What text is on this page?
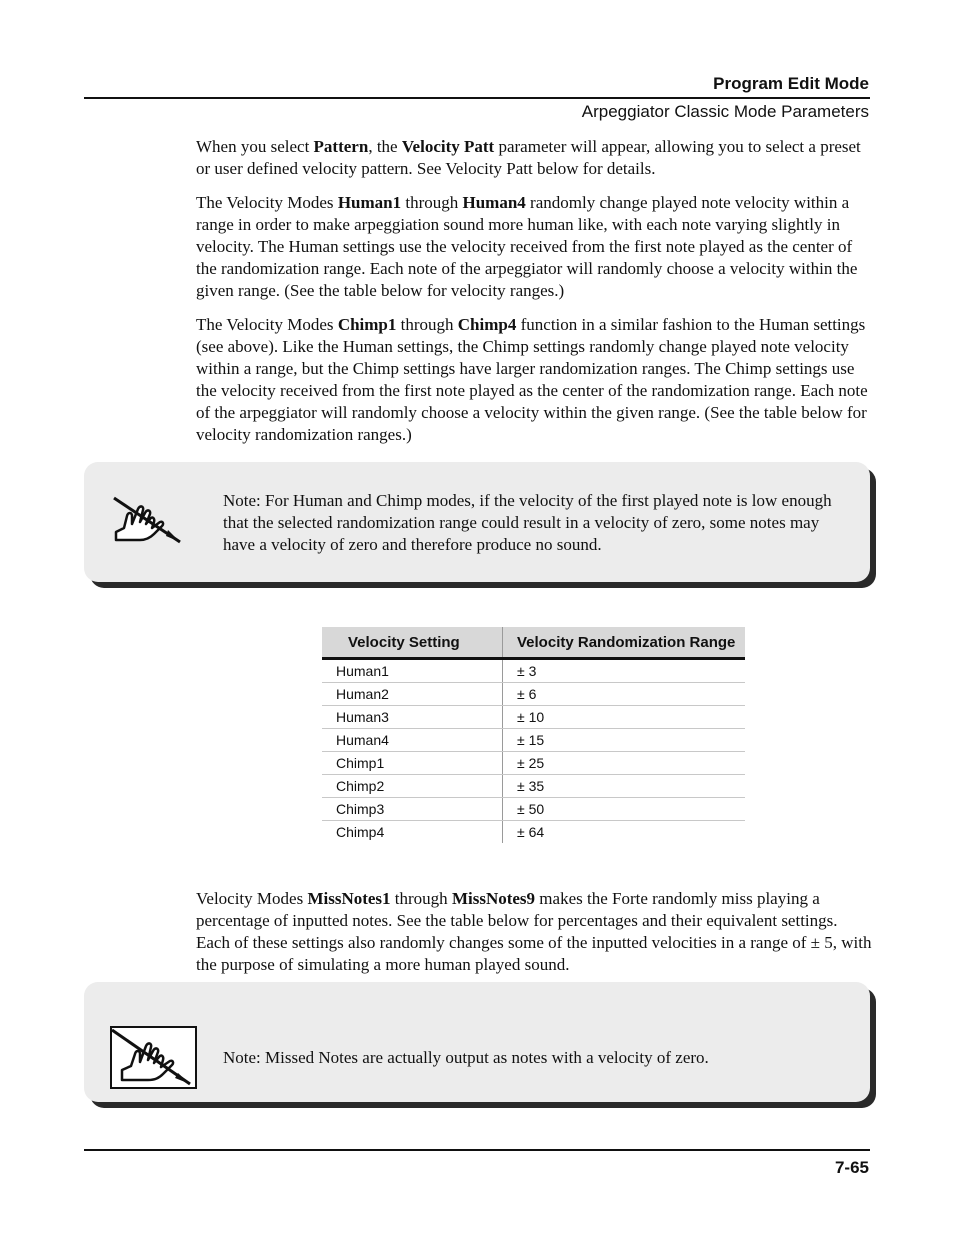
Program Edit Mode
Arpeggiator Classic Mode Parameters

When you select Pattern, the Velocity Patt parameter will appear, allowing you to select a preset or user defined velocity pattern. See Velocity Patt below for details.

The Velocity Modes Human1 through Human4 randomly change played note velocity within a range in order to make arpeggiation sound more human like, with each note varying slightly in velocity. The Human settings use the velocity received from the first note played as the center of the randomization range. Each note of the arpeggiator will randomly choose a velocity within the given range. (See the table below for velocity ranges.)

The Velocity Modes Chimp1 through Chimp4 function in a similar fashion to the Human settings (see above). Like the Human settings, the Chimp settings randomly change played note velocity within a range, but the Chimp settings have larger randomization ranges. The Chimp settings use the velocity received from the first note played as the center of the randomization range. Each note of the arpeggiator will randomly choose a velocity within the given range. (See the table below for velocity randomization ranges.)

Note: For Human and Chimp modes, if the velocity of the first played note is low enough that the selected randomization range could result in a velocity of zero, some notes may have a velocity of zero and therefore produce no sound.

Velocity Setting	Velocity Randomization Range
Human1	± 3
Human2	± 6
Human3	± 10
Human4	± 15
Chimp1	± 25
Chimp2	± 35
Chimp3	± 50
Chimp4	± 64

Velocity Modes MissNotes1 through MissNotes9 makes the Forte randomly miss playing a percentage of inputted notes. See the table below for percentages and their equivalent settings. Each of these settings also randomly changes some of the inputted velocities in a range of ± 5, with the purpose of simulating a more human played sound.

Note: Missed Notes are actually output as notes with a velocity of zero.

7-65
